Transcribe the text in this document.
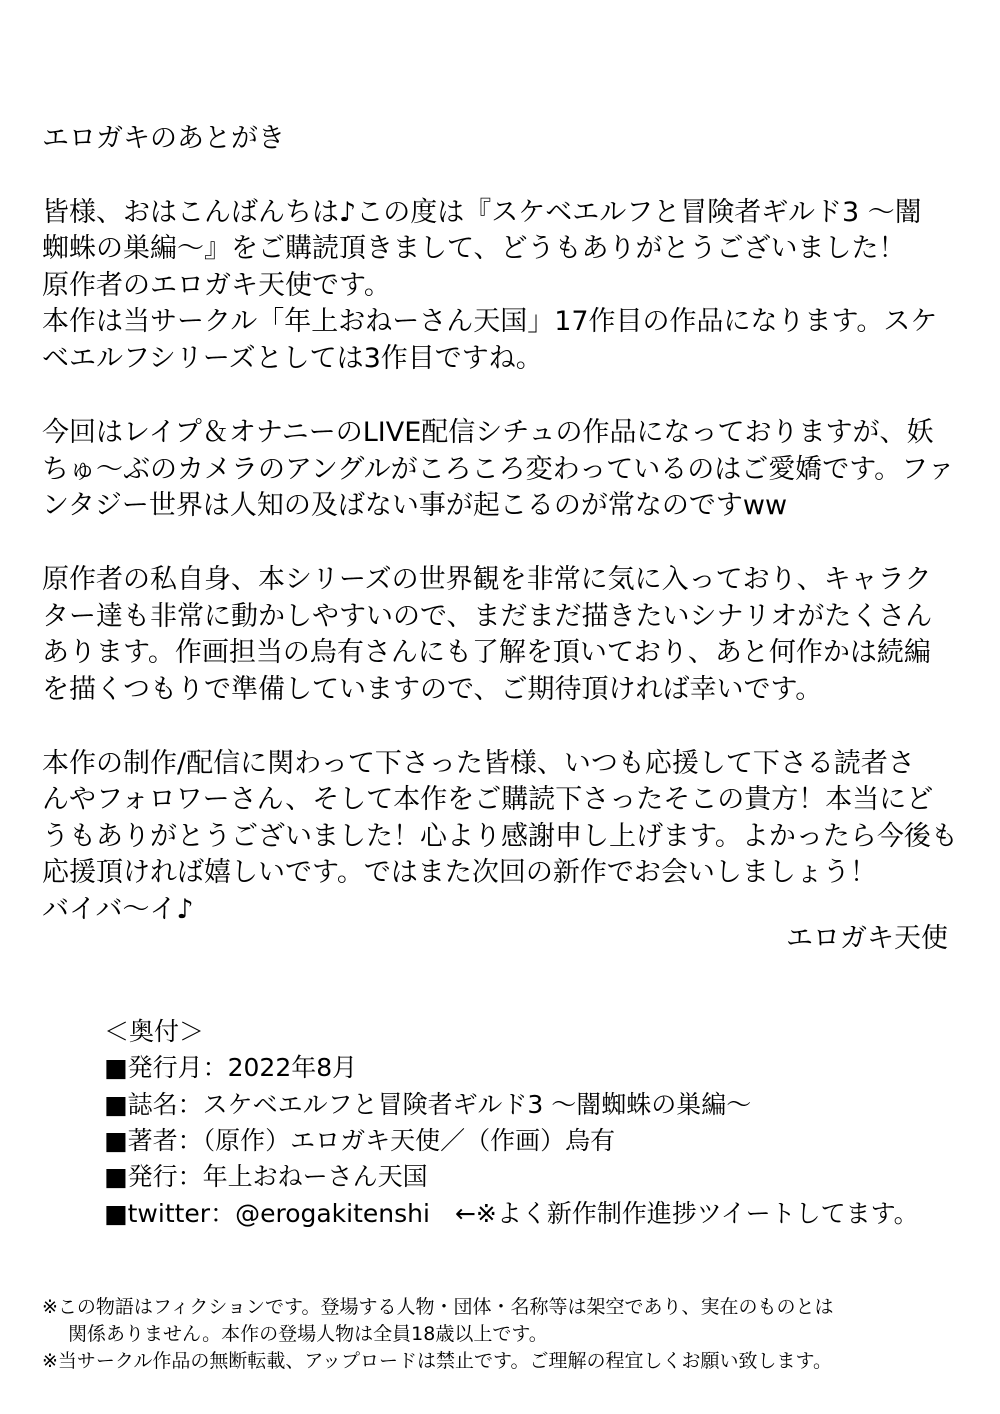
エロガキのあとがき
皆様、おはこんばんちは♪この度は『スケベエルフと冒険者ギルド3 ～闇
蜘蛛の巣編～』をご購読頂きまして、どうもありがとうございました！
原作者のエロガキ天使です。
本作は当サークル「年上おねーさん天国」17作目の作品になります。スケ
ベエルフシリーズとしては3作目ですね。
今回はレイプ＆オナニーのLIVE配信シチュの作品になっておりますが、妖
ちゅ～ぶのカメラのアングルがころころ変わっているのはご愛嬌です。ファ
ンタジー世界は人知の及ばない事が起こるのが常なのですww
原作者の私自身、本シリーズの世界観を非常に気に入っており、キャラク
ター達も非常に動かしやすいので、まだまだ描きたいシナリオがたくさん
あります。作画担当の烏有さんにも了解を頂いており、あと何作かは続編
を描くつもりで準備していますので、ご期待頂ければ幸いです。
本作の制作/配信に関わって下さった皆様、いつも応援して下さる読者さ
んやフォロワーさん、そして本作をご購読下さったそこの貴方！本当にど
うもありがとうございました！心より感謝申し上げます。よかったら今後も
応援頂ければ嬉しいです。ではまた次回の新作でお会いしましょう！
バイバ～イ♪
エロガキ天使
＜奥付＞
■発行月：2022年8月
■誌名：スケベエルフと冒険者ギルド3 ～闇蜘蛛の巣編～
■著者：（原作）エロガキ天使／（作画）烏有
■発行：年上おねーさん天国
■twitter：@erogakitenshi　←※よく新作制作進捗ツイートしてます。
※この物語はフィクションです。登場する人物・団体・名称等は架空であり、実在のものとは
関係ありません。本作の登場人物は全員18歳以上です。
※当サークル作品の無断転載、アップロードは禁止です。ご理解の程宜しくお願い致します。
